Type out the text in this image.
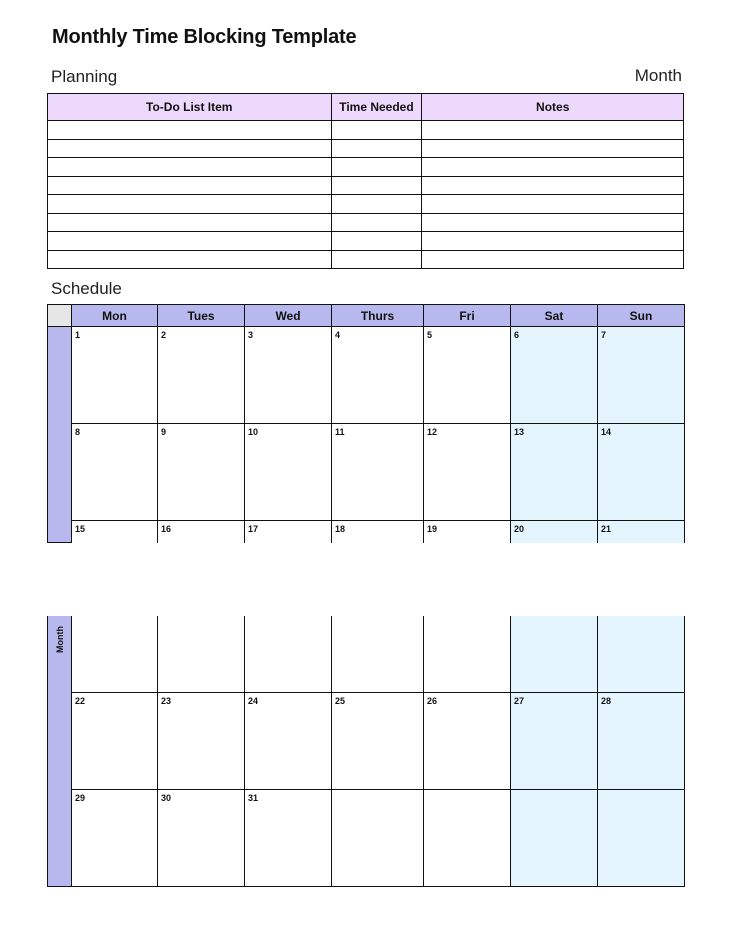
Monthly Time Blocking Template
Planning	Month
To-Do List Item	Time Needed	Notes

Schedule
	Mon	Tues	Wed	Thurs	Fri	Sat	Sun

	1	2	3	4	5	6	7

	8	9	10	11	12	13	14

	15	16	17	18	19	20	21
Month							

	22	23	24	25	26	27	28

	29	30	31				
